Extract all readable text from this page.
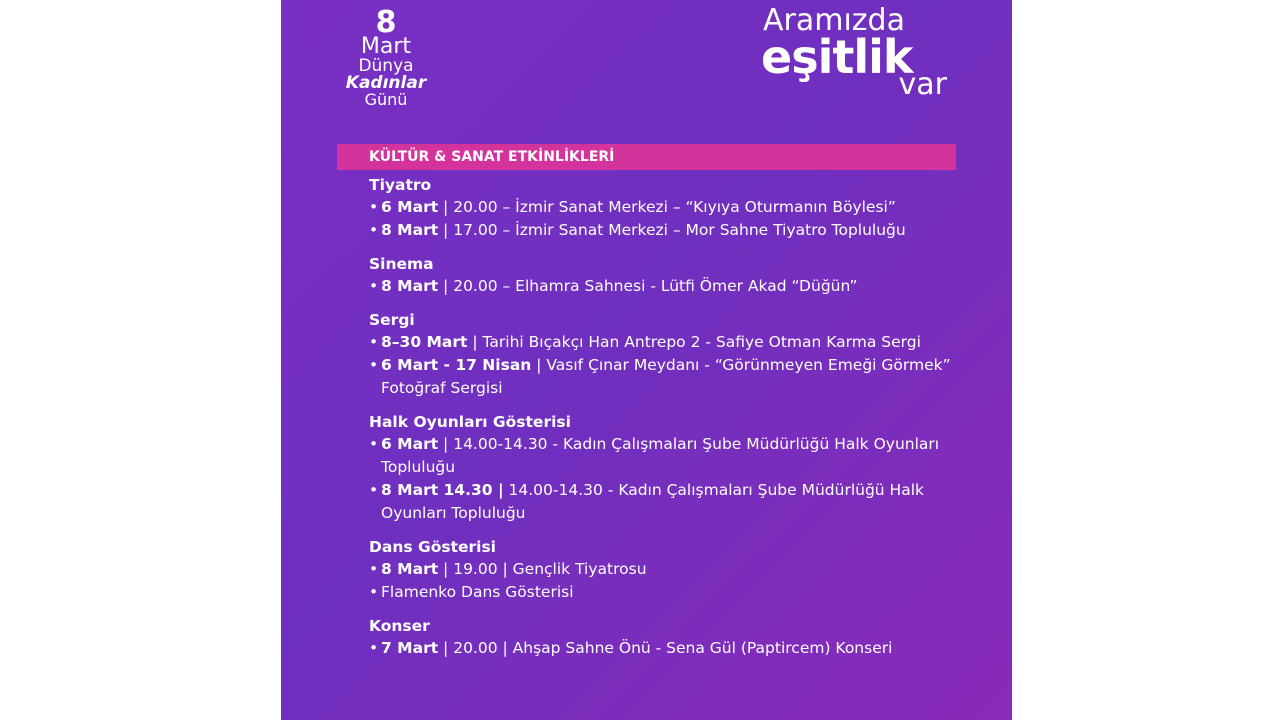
8
Mart
Dünya
Kadınlar
Günü
Aramızda
eşitlik
var
KÜLTÜR & SANAT ETKİNLİKLERİ

Tiyatro

• 6 Mart | 20.00 – İzmir Sanat Merkezi – “Kıyıya Oturmanın Böylesi”
• 8 Mart | 17.00 – İzmir Sanat Merkezi – Mor Sahne Tiyatro Topluluğu

Sinema

• 8 Mart | 20.00 – Elhamra Sahnesi - Lütfi Ömer Akad “Düğün”

Sergi

• 8–30 Mart | Tarihi Bıçakçı Han Antrepo 2 - Safiye Otman Karma Sergi
• 6 Mart - 17 Nisan | Vasıf Çınar Meydanı - “Görünmeyen Emeği Görmek” Fotoğraf Sergisi

Halk Oyunları Gösterisi

• 6 Mart | 14.00-14.30 - Kadın Çalışmaları Şube Müdürlüğü Halk Oyunları Topluluğu
• 8 Mart 14.30 | 14.00-14.30 - Kadın Çalışmaları Şube Müdürlüğü Halk Oyunları Topluluğu

Dans Gösterisi

• 8 Mart | 19.00 | Gençlik Tiyatrosu
• Flamenko Dans Gösterisi

Konser

• 7 Mart | 20.00 | Ahşap Sahne Önü - Sena Gül (Paptircem) Konseri
